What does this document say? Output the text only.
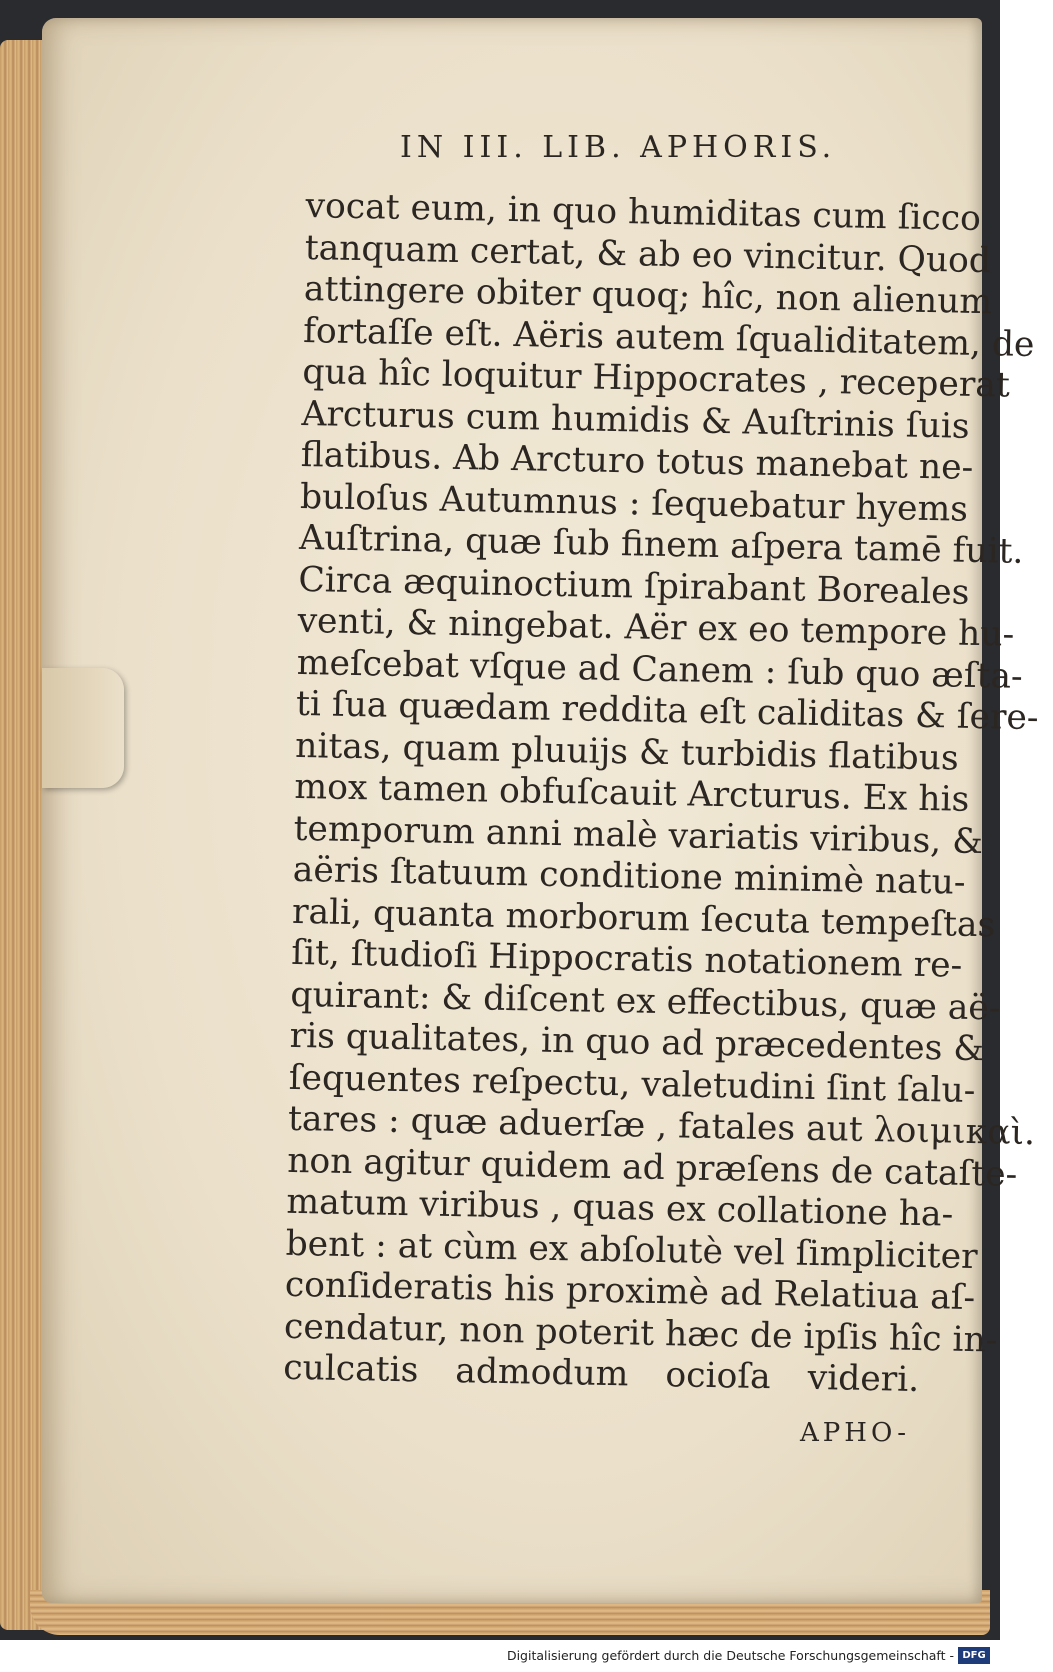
IN III. LIB. APHORIS.
vocat eum, in quo humiditas cum ſicco
tanquam certat, & ab eo vincitur. Quod
attingere obiter quoq; hîc, non alienum
fortaſſe eſt. Aëris autem ſqualiditatem, de
qua hîc loquitur Hippocrates , receperat
Arcturus cum humidis & Auſtrinis ſuis
flatibus. Ab Arcturo totus manebat ne-
buloſus Autumnus : ſequebatur hyems
Auſtrina, quæ ſub finem aſpera tamē fuit.
Circa æquinoctium ſpirabant Boreales
venti, & ningebat. Aër ex eo tempore hu-
meſcebat vſque ad Canem : ſub quo æſta-
ti ſua quædam reddita eſt caliditas & ſere-
nitas, quam pluuijs & turbidis flatibus
mox tamen obfuſcauit Arcturus. Ex his
temporum anni malè variatis viribus, &
aëris ſtatuum conditione minimè natu-
rali, quanta morborum ſecuta tempeſtas
ſit, ſtudioſi Hippocratis notationem re-
quirant: & diſcent ex effectibus, quæ aë-
ris qualitates, in quo ad præcedentes &
ſequentes reſpectu, valetudini ſint ſalu-
tares : quæ aduerſæ , fatales aut λοιμικαὶ.
non agitur quidem ad præſens de cataſte-
matum viribus , quas ex collatione ha-
bent : at cùm ex abſolutè vel ſimpliciter
conſideratis his proximè ad Relatiua aſ-
cendatur, non poterit hæc de ipſis hîc in-
culcatis admodum ocioſa videri.
APHO-
Digitalisierung gefördert durch die Deutsche Forschungsgemeinschaft - DFG
